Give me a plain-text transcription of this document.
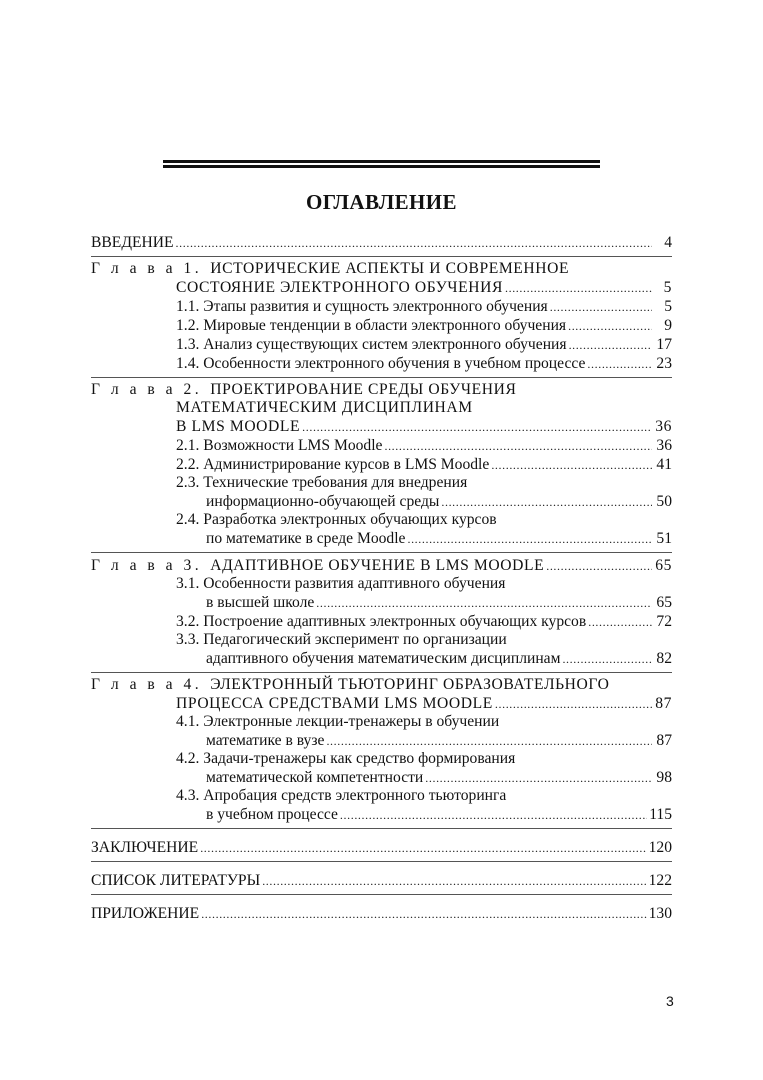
ОГЛАВЛЕНИЕ
ВВЕДЕНИЕ . . .	4
Г л а в а 1. ИСТОРИЧЕСКИЕ АСПЕКТЫ И СОВРЕМЕННОЕ
СОСТОЯНИЕ ЭЛЕКТРОННОГО ОБУЧЕНИЯ . . .	5
1.1. Этапы развития и сущность электронного обучения . . .	5
1.2. Мировые тенденции в области электронного обучения . . .	9
1.3. Анализ существующих систем электронного обучения . . .	17
1.4. Особенности электронного обучения в учебном процессе . . .	23
Г л а в а 2. ПРОЕКТИРОВАНИЕ СРЕДЫ ОБУЧЕНИЯ
МАТЕМАТИЧЕСКИМ ДИСЦИПЛИНАМ
В LMS MOODLE . . .	36
2.1. Возможности LMS Moodle . . .	36
2.2. Администрирование курсов в LMS Moodle . . .	41
2.3. Технические требования для внедрения
информационно-обучающей среды . . .	50
2.4. Разработка электронных обучающих курсов
по математике в среде Moodle . . .	51
Г л а в а 3. АДАПТИВНОЕ ОБУЧЕНИЕ В LMS MOODLE . . .	65
3.1. Особенности развития адаптивного обучения
в высшей школе . . .	65
3.2. Построение адаптивных электронных обучающих курсов . . .	72
3.3. Педагогический эксперимент по организации
адаптивного обучения математическим дисциплинам . . .	82
Г л а в а 4. ЭЛЕКТРОННЫЙ ТЬЮТОРИНГ ОБРАЗОВАТЕЛЬНОГО
ПРОЦЕССА СРЕДСТВАМИ LMS MOODLE . . .	87
4.1. Электронные лекции-тренажеры в обучении
математике в вузе . . .	87
4.2. Задачи-тренажеры как средство формирования
математической компетентности . . .	98
4.3. Апробация средств электронного тьюторинга
в учебном процессе . . .	115
ЗАКЛЮЧЕНИЕ . . .	120
СПИСОК ЛИТЕРАТУРЫ . . .	122
ПРИЛОЖЕНИЕ . . .	130
3
